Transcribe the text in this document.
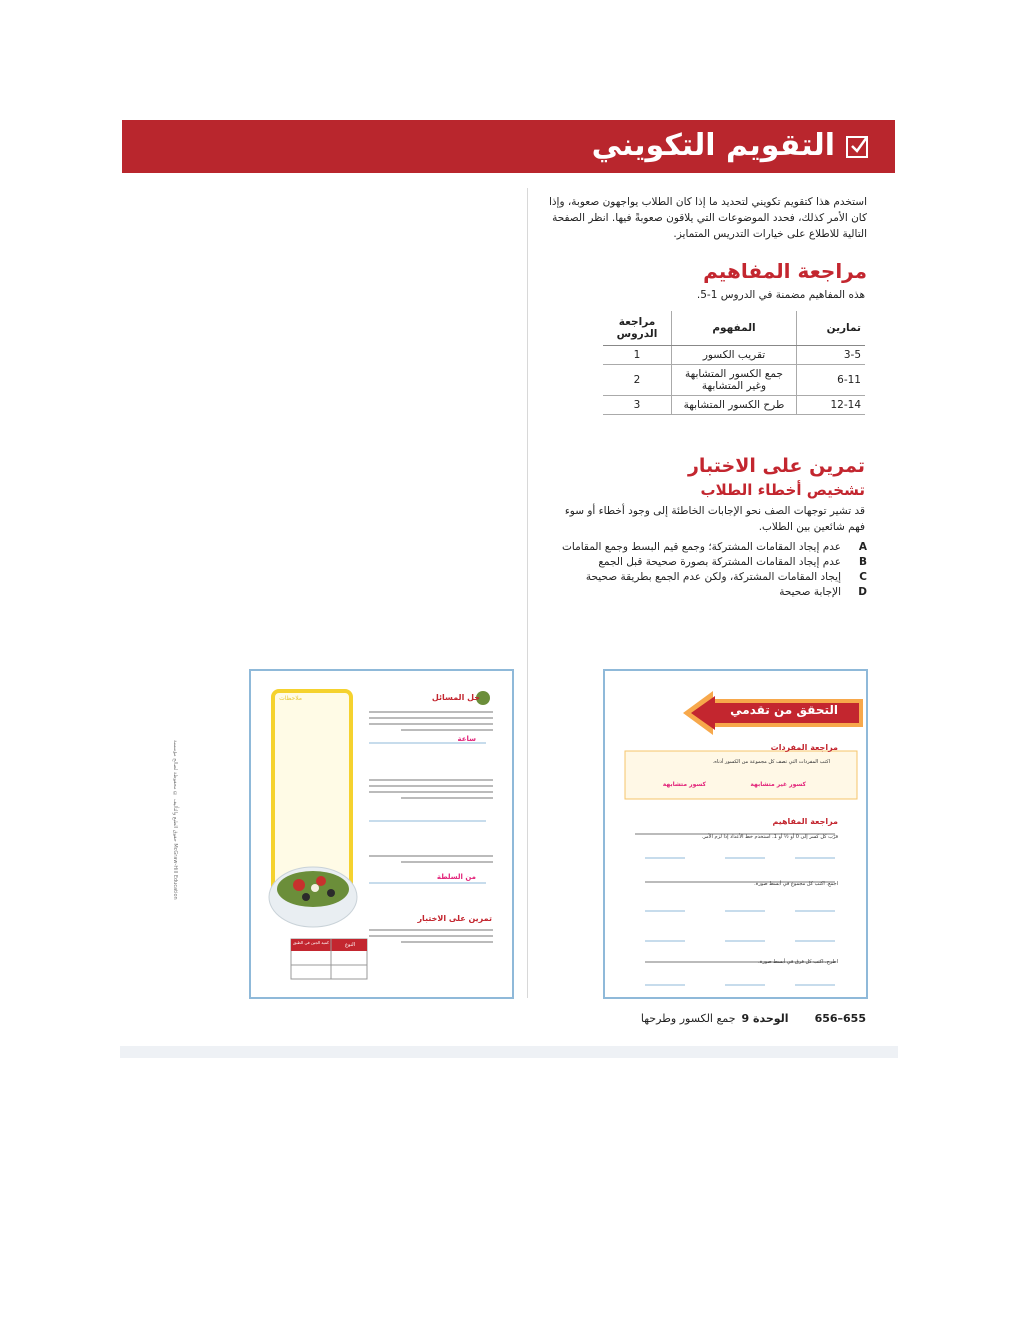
التقويم التكويني
استخدم هذا كتقويم تكويني لتحديد ما إذا كان الطلاب يواجهون صعوبة، وإذا كان الأمر كذلك، فحدد الموضوعات التي يلاقون صعوبةً فيها. انظر الصفحة التالية للاطلاع على خيارات التدريس المتمايز.
مراجعة المفاهيم
هذه المفاهيم مضمنة في الدروس 1-5.
تمارين	المفهوم	مراجعة الدروس
3-5	تقريب الكسور	1
6-11	جمع الكسور المتشابهة وغير المتشابهة	2
12-14	طرح الكسور المتشابهة	3
تمرين على الاختبار
تشخيص أخطاء الطلاب
قد تشير توجهات الصف نحو الإجابات الخاطئة إلى وجود أخطاء أو سوء فهم شائعين بين الطلاب.
A
عدم إيجاد المقامات المشتركة؛ وجمع قيم البسط وجمع المقامات
B
عدم إيجاد المقامات المشتركة بصورة صحيحة قبل الجمع
C
إيجاد المقامات المشتركة، ولكن عدم الجمع بطريقة صحيحة
D
الإجابة صحيحة
حل المسائل
ملاحظات
ساعة
من السلطة
تمرين على الاختبار
كمية الجبن في الطبق	النوع
التحقق من تقدمي
مراجعة المفردات
اكتب المفردات التي تصف كل مجموعة من الكسور أدناه.
كسور غير متشابهة
كسور متشابهة
مراجعة المفاهيم
قرّب كل كسر إلى 0 أو ½ أو 1. استخدم خط الأعداد إذا لزم الأمر.
اجمع. اكتب كل مجموع في أبسط صورة.
اطرح. اكتب كل فرق في أبسط صورة.
حقوق الطبع والتأليف © محفوظة لصالح مؤسسة McGraw-Hill Education
655–656
الوحدة 9
جمع الكسور وطرحها
